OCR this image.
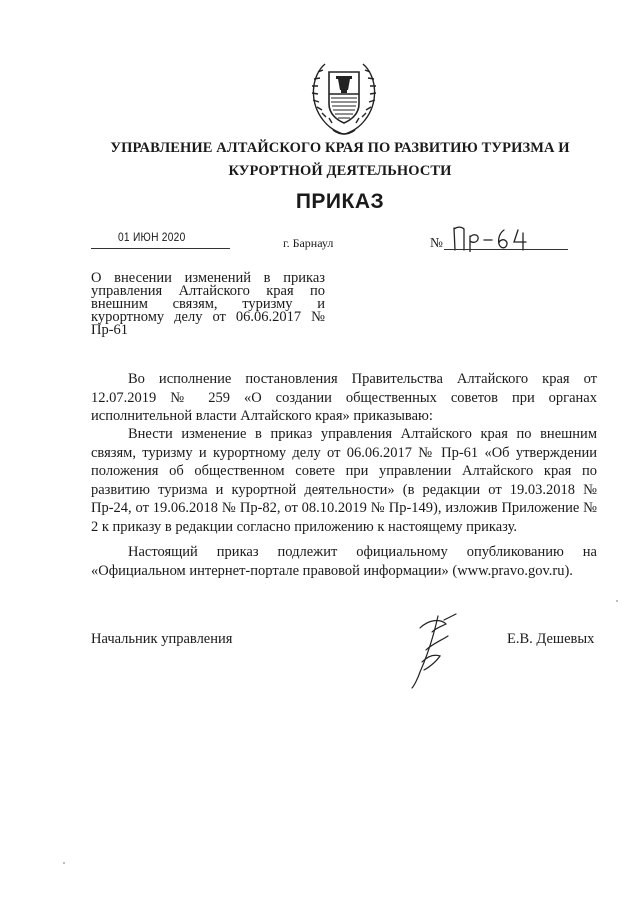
УПРАВЛЕНИЕ АЛТАЙСКОГО КРАЯ ПО РАЗВИТИЮ ТУРИЗМА И
КУРОРТНОЙ ДЕЯТЕЛЬНОСТИ
ПРИКАЗ
01 ИЮН 2020	г. Барнаул	№
О внесении изменений в приказ управления Алтайского края по внешним связям, туризму и курортному делу от 06.06.2017 № Пр-61
Во исполнение постановления Правительства Алтайского края от 12.07.2019 № 259 «О создании общественных советов при органах исполнительной власти Алтайского края» приказываю:
Внести изменение в приказ управления Алтайского края по внешним связям, туризму и курортному делу от 06.06.2017 № Пр-61 «Об утверждении положения об общественном совете при управлении Алтайского края по развитию туризма и курортной деятельности» (в редакции от 19.03.2018 № Пр-24, от 19.06.2018 № Пр-82, от 08.10.2019 № Пр-149), изложив Приложение № 2 к приказу в редакции согласно приложению к настоящему приказу.
Настоящий приказ подлежит официальному опубликованию на «Официальном интернет-портале правовой информации» (www.pravo.gov.ru).
Начальник управления	Е.В. Дешевых
